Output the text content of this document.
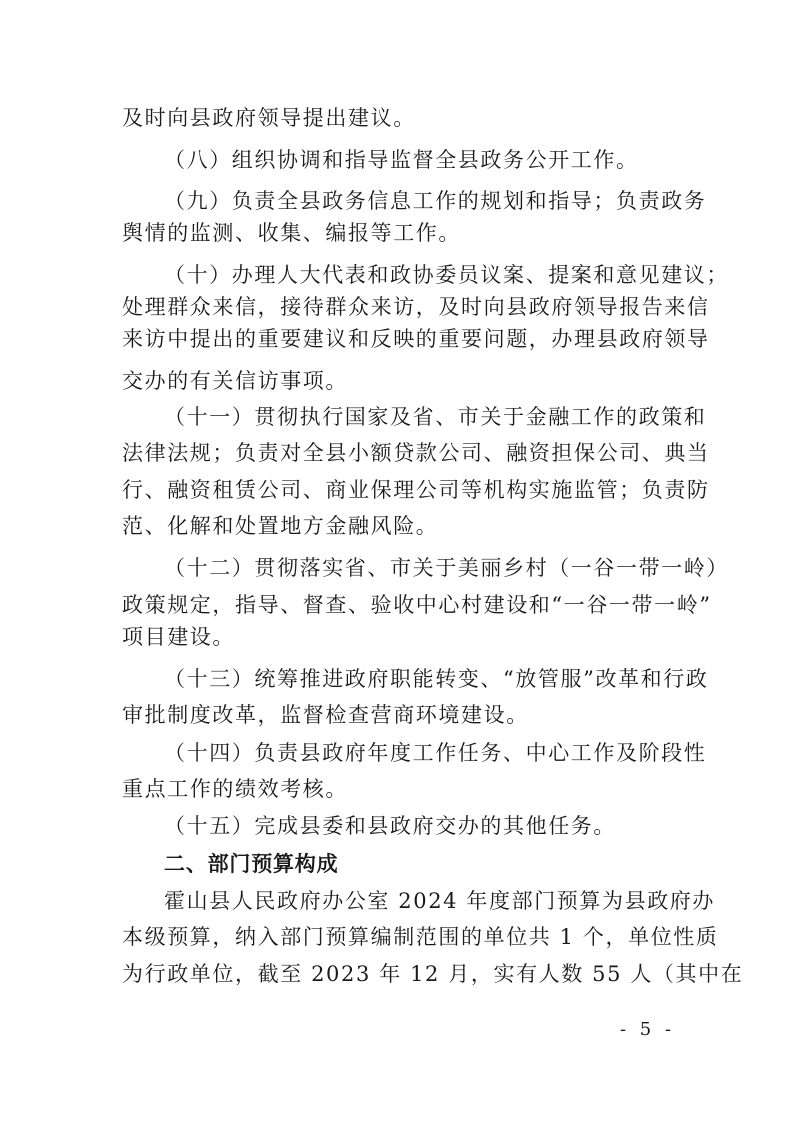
及时向县政府领导提出建议。
（八）组织协调和指导监督全县政务公开工作。
（九）负责全县政务信息工作的规划和指导；负责政务
舆情的监测、收集、编报等工作。
（十）办理人大代表和政协委员议案、提案和意见建议；
处理群众来信，接待群众来访，及时向县政府领导报告来信
来访中提出的重要建议和反映的重要问题，办理县政府领导
交办的有关信访事项。
（十一）贯彻执行国家及省、市关于金融工作的政策和
法律法规；负责对全县小额贷款公司、融资担保公司、典当
行、融资租赁公司、商业保理公司等机构实施监管；负责防
范、化解和处置地方金融风险。
（十二）贯彻落实省、市关于美丽乡村（一谷一带一岭）
政策规定，指导、督查、验收中心村建设和“一谷一带一岭”
项目建设。
（十三）统筹推进政府职能转变、“放管服”改革和行政
审批制度改革，监督检查营商环境建设。
（十四）负责县政府年度工作任务、中心工作及阶段性
重点工作的绩效考核。
（十五）完成县委和县政府交办的其他任务。
二、部门预算构成
霍山县人民政府办公室 2024 年度部门预算为县政府办
本级预算，纳入部门预算编制范围的单位共 1 个，单位性质
为行政单位，截至 2023 年 12 月，实有人数 55 人（其中在
- 5 -
